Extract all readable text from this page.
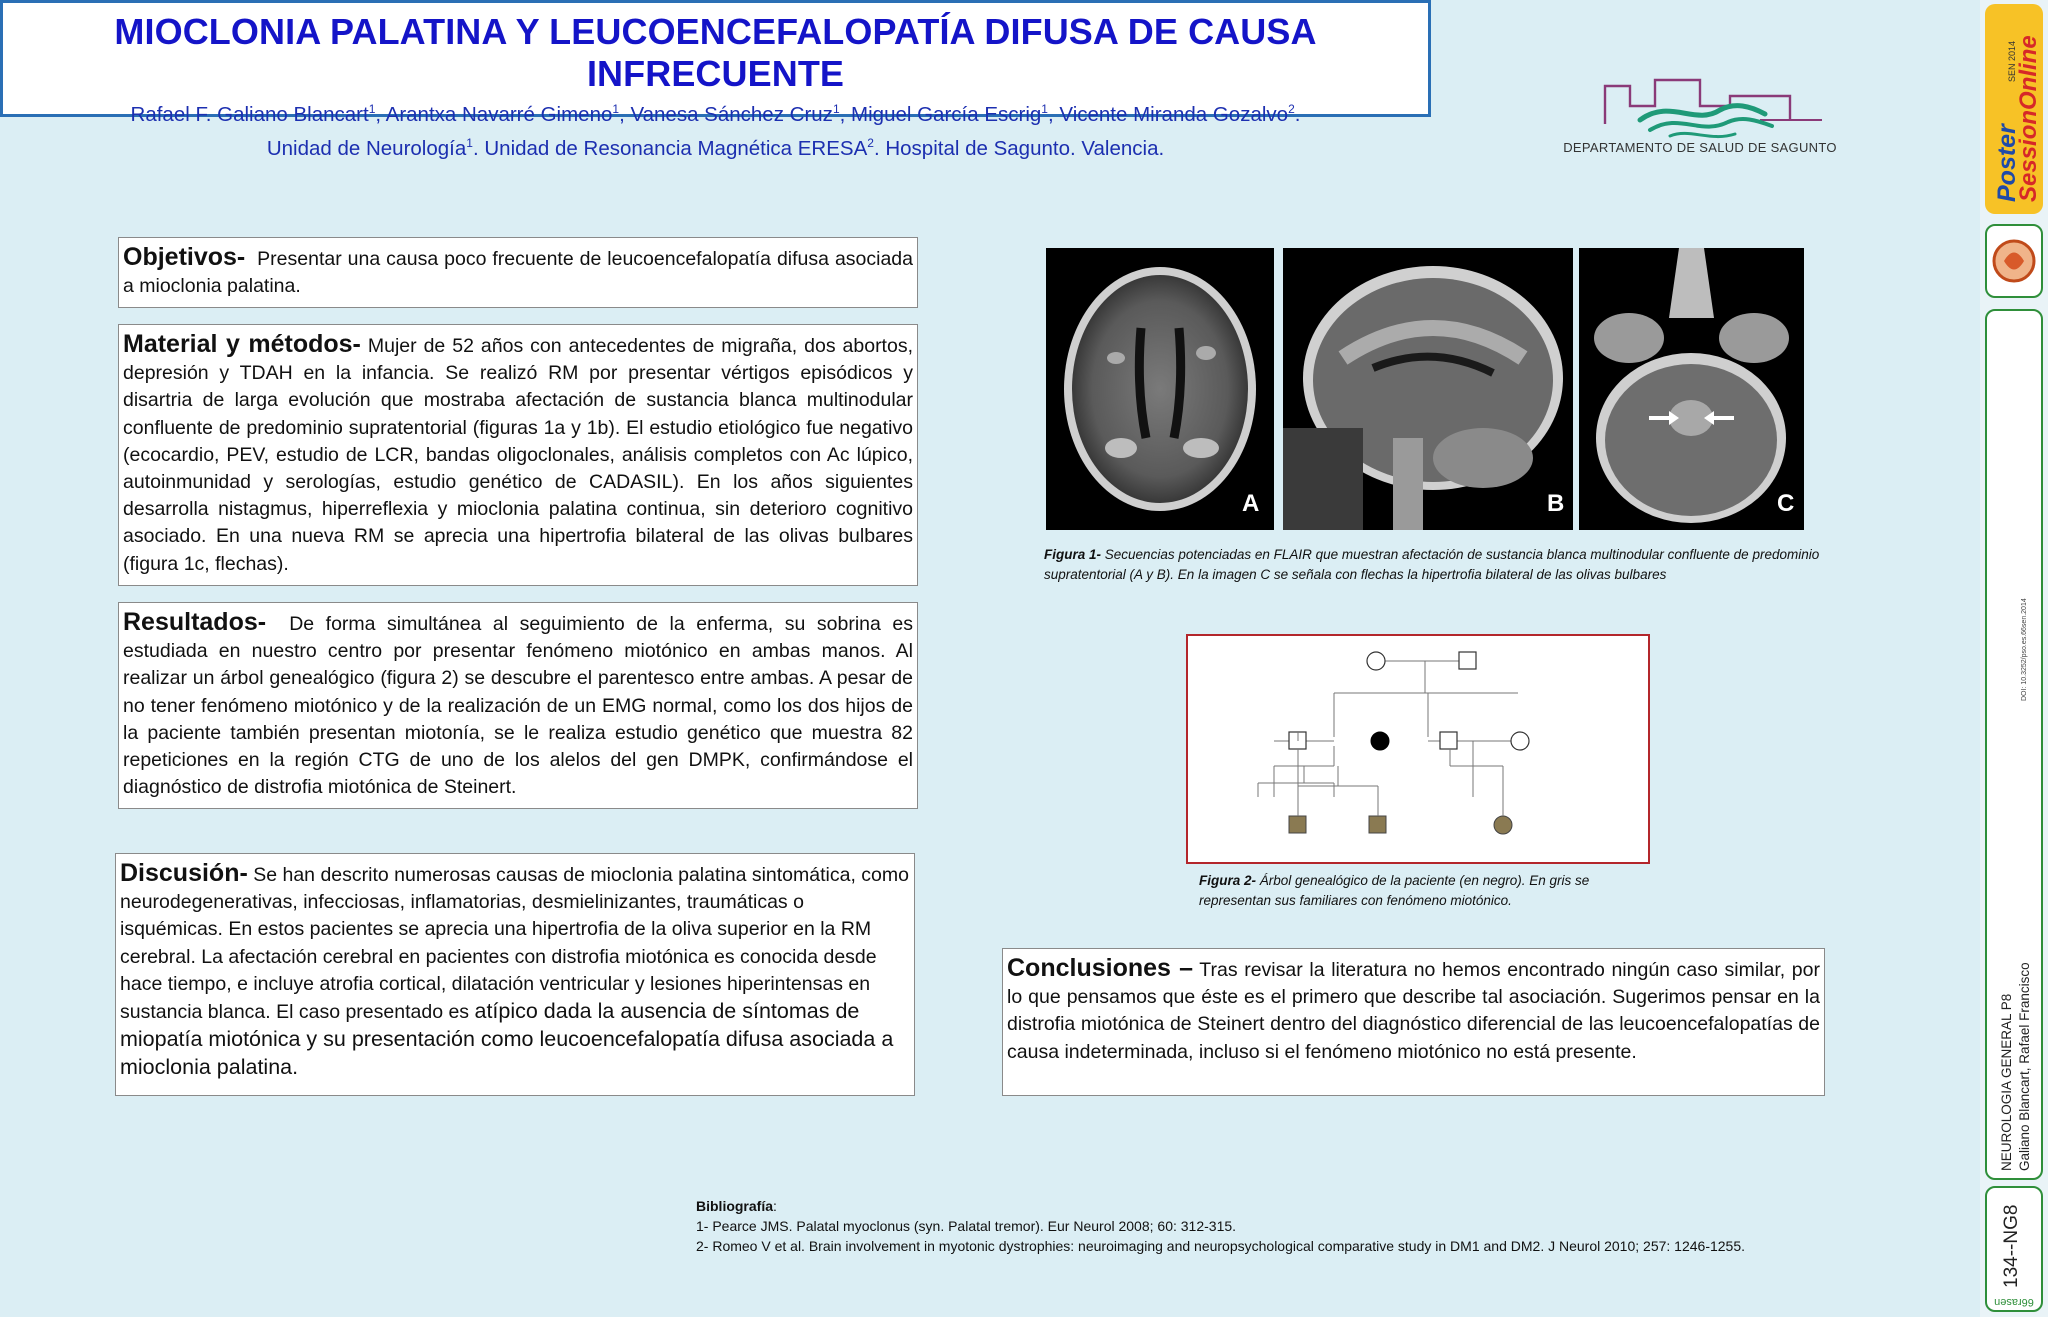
MIOCLONIA PALATINA Y LEUCOENCEFALOPATÍA DIFUSA DE CAUSA INFRECUENTE
Rafael F. Galiano Blancart$^1$, Arantxa Navarré Gimeno$^1$, Vanesa Sánchez Cruz$^1$, Miguel García Escrig$^1$, Vicente Miranda Gozalvo$^2$.
Unidad de Neurología$^1$. Unidad de Resonancia Magnética ERESA$^2$. Hospital de Sagunto. Valencia.	DEPARTAMENTO DE SALUD DE SAGUNTO
Objetivos- Presentar una causa poco frecuente de leucoencefalopatía difusa asociada a mioclonia palatina.
Material y métodos- Mujer de 52 años con antecedentes de migraña, dos abortos, depresión y TDAH en la infancia. Se realizó RM por presentar vértigos episódicos y disartria de larga evolución que mostraba afectación de sustancia blanca multinodular confluente de predominio supratentorial (figuras 1a y 1b). El estudio etiológico fue negativo (ecocardio, PEV, estudio de LCR, bandas oligoclonales, análisis completos con Ac lúpico, autoinmunidad y serologías, estudio genético de CADASIL). En los años siguientes desarrolla nistagmus, hiperreflexia y mioclonia palatina continua, sin deterioro cognitivo asociado. En una nueva RM se aprecia una hipertrofia bilateral de las olivas bulbares (figura 1c, flechas).
Resultados- De forma simultánea al seguimiento de la enferma, su sobrina es estudiada en nuestro centro por presentar fenómeno miotónico en ambas manos. Al realizar un árbol genealógico (figura 2) se descubre el parentesco entre ambas. A pesar de no tener fenómeno miotónico y de la realización de un EMG normal, como los dos hijos de la paciente también presentan miotonía, se le realiza estudio genético que muestra 82 repeticiones en la región CTG de uno de los alelos del gen DMPK, confirmándose el diagnóstico de distrofia miotónica de Steinert.
Discusión- Se han descrito numerosas causas de mioclonia palatina sintomática, como neurodegenerativas, infecciosas, inflamatorias, desmielinizantes, traumáticas o isquémicas. En estos pacientes se aprecia una hipertrofia de la oliva superior en la RM cerebral. La afectación cerebral en pacientes con distrofia miotónica es conocida desde hace tiempo, e incluye atrofia cortical, dilatación ventricular y lesiones hiperintensas en sustancia blanca. El caso presentado es atípico dada la ausencia de síntomas de miopatía miotónica y su presentación como leucoencefalopatía difusa asociada a mioclonia palatina.
A	B	C
Figura 1- Secuencias potenciadas en FLAIR que muestran afectación de sustancia blanca multinodular confluente de predominio supratentorial (A y B). En la imagen C se señala con flechas la hipertrofia bilateral de las olivas bulbares
Figura 2- Árbol genealógico de la paciente (en negro). En gris se representan sus familiares con fenómeno miotónico.
Conclusiones – Tras revisar la literatura no hemos encontrado ningún caso similar, por lo que pensamos que éste es el primero que describe tal asociación. Sugerimos pensar en la distrofia miotónica de Steinert dentro del diagnóstico diferencial de las leucoencefalopatías de causa indeterminada, incluso si el fenómeno miotónico no está presente.
Bibliografía:
1- Pearce JMS. Palatal myoclonus (syn. Palatal tremor). Eur Neurol 2008; 60: 312-315.
2- Romeo V et al. Brain involvement in myotonic dystrophies: neuroimaging and neuropsychological comparative study in DM1 and DM2. J Neurol 2010; 257: 1246-1255.
Poster
SessionOnline
SEN 2014
DOI: 10.3252/pso.es.66sen.2014
NEUROLOGIA GENERAL P8 Galiano Blancart, Rafael Francisco
134--NG8
66rasen
